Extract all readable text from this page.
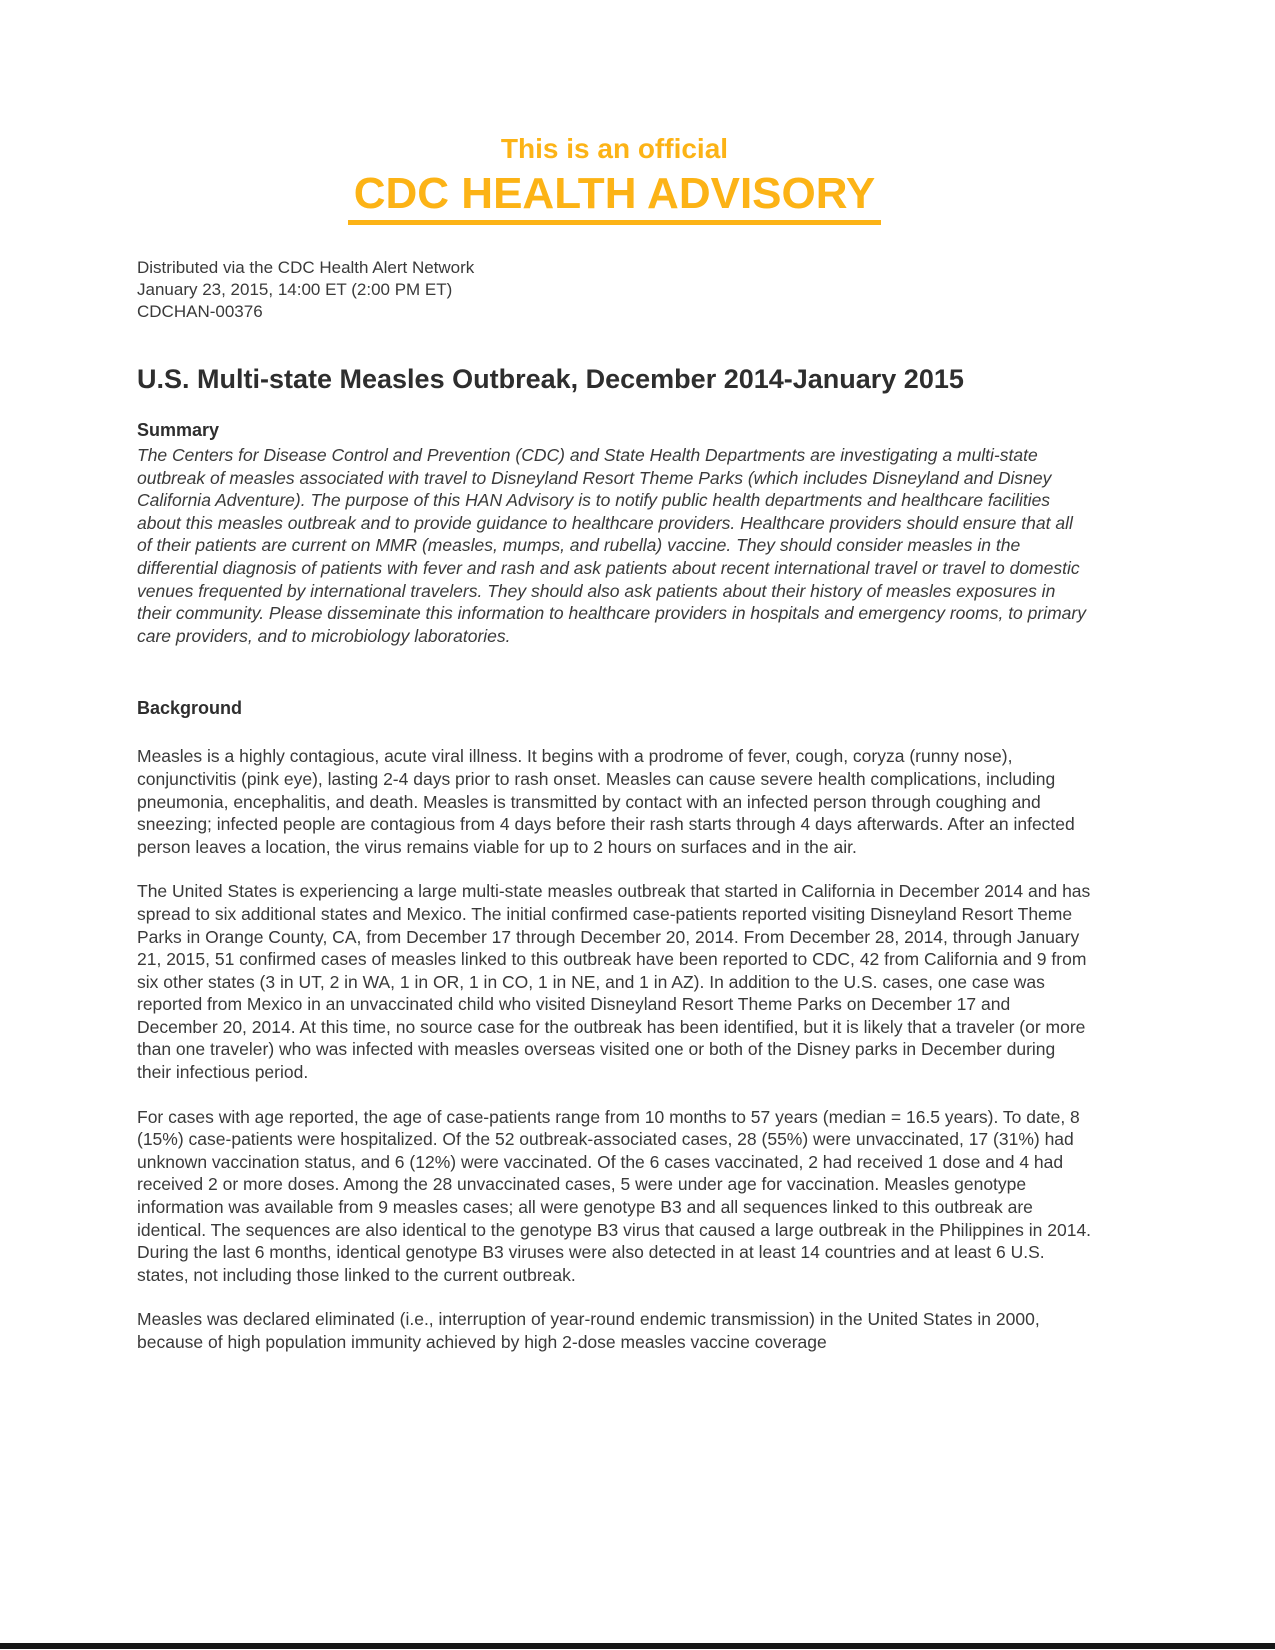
This is an official
CDC HEALTH ADVISORY
Distributed via the CDC Health Alert Network
January 23, 2015, 14:00 ET (2:00 PM ET)
CDCHAN-00376
U.S. Multi-state Measles Outbreak, December 2014-January 2015
Summary

The Centers for Disease Control and Prevention (CDC) and State Health Departments are investigating a multi-state outbreak of measles associated with travel to Disneyland Resort Theme Parks (which includes Disneyland and Disney California Adventure). The purpose of this HAN Advisory is to notify public health departments and healthcare facilities about this measles outbreak and to provide guidance to healthcare providers. Healthcare providers should ensure that all of their patients are current on MMR (measles, mumps, and rubella) vaccine. They should consider measles in the differential diagnosis of patients with fever and rash and ask patients about recent international travel or travel to domestic venues frequented by international travelers. They should also ask patients about their history of measles exposures in their community. Please disseminate this information to healthcare providers in hospitals and emergency rooms, to primary care providers, and to microbiology laboratories.

Background

Measles is a highly contagious, acute viral illness. It begins with a prodrome of fever, cough, coryza (runny nose), conjunctivitis (pink eye), lasting 2-4 days prior to rash onset. Measles can cause severe health complications, including pneumonia, encephalitis, and death. Measles is transmitted by contact with an infected person through coughing and sneezing; infected people are contagious from 4 days before their rash starts through 4 days afterwards. After an infected person leaves a location, the virus remains viable for up to 2 hours on surfaces and in the air.

The United States is experiencing a large multi-state measles outbreak that started in California in December 2014 and has spread to six additional states and Mexico. The initial confirmed case-patients reported visiting Disneyland Resort Theme Parks in Orange County, CA, from December 17 through December 20, 2014. From December 28, 2014, through January 21, 2015, 51 confirmed cases of measles linked to this outbreak have been reported to CDC, 42 from California and 9 from six other states (3 in UT, 2 in WA, 1 in OR, 1 in CO, 1 in NE, and 1 in AZ). In addition to the U.S. cases, one case was reported from Mexico in an unvaccinated child who visited Disneyland Resort Theme Parks on December 17 and December 20, 2014. At this time, no source case for the outbreak has been identified, but it is likely that a traveler (or more than one traveler) who was infected with measles overseas visited one or both of the Disney parks in December during their infectious period.

For cases with age reported, the age of case-patients range from 10 months to 57 years (median = 16.5 years). To date, 8 (15%) case-patients were hospitalized. Of the 52 outbreak-associated cases, 28 (55%) were unvaccinated, 17 (31%) had unknown vaccination status, and 6 (12%) were vaccinated. Of the 6 cases vaccinated, 2 had received 1 dose and 4 had received 2 or more doses. Among the 28 unvaccinated cases, 5 were under age for vaccination. Measles genotype information was available from 9 measles cases; all were genotype B3 and all sequences linked to this outbreak are identical. The sequences are also identical to the genotype B3 virus that caused a large outbreak in the Philippines in 2014. During the last 6 months, identical genotype B3 viruses were also detected in at least 14 countries and at least 6 U.S. states, not including those linked to the current outbreak.

Measles was declared eliminated (i.e., interruption of year-round endemic transmission) in the United States in 2000, because of high population immunity achieved by high 2-dose measles vaccine coverage
